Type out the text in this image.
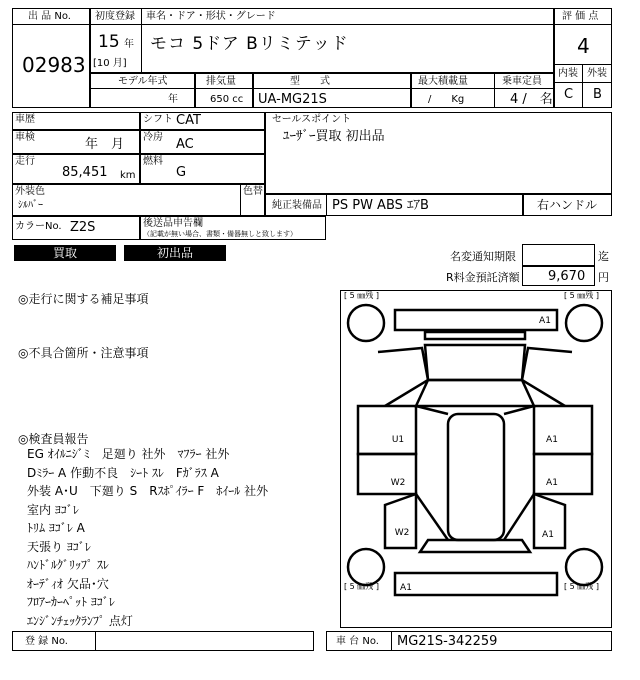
出 品 No.
02983
初度登録 車名・ドア・形状・グレード
15 年
[10 月]
モコ 5ドア Bリミテッド
評 価 点
4
内装 外装
C B
モデル年式	排気量	型　　式	最大積載量	乗車定員
年	650 cc UA-MG21S	/　　Kg	4 /　名
車歴	シフト CAT
車検	年　月 冷房 AC
走行
85,451 km
燃料
G
セールスポイント
ﾕｰｻﾞｰ買取 初出品
外装色
ｼﾙﾊﾞｰ
色替
純正装備品 PS PW ABS ｴｱB	右ハンドル
カラーNo. Z2S	後送品申告欄
（記載が無い場合、書類・備器無しと致します）
買取	初出品	名変通知期限	迄
R料金預託済額 9,670 円
◎走行に関する補足事項
◎不具合箇所・注意事項
◎検査員報告
EG ｵｲﾙﾆｼﾞﾐ　足廻り 社外　ﾏﾌﾗｰ 社外
Dﾐﾗｰ A 作動不良　ｼｰﾄ ｽﾚ　Fｶﾞﾗｽ A
外装 A･U　下廻り S　Rｽﾎﾟｲﾗｰ F　ﾎｲｰﾙ 社外
室内 ﾖｺﾞﾚ
ﾄﾘﾑ ﾖｺﾞﾚ A
天張り ﾖｺﾞﾚ
ﾊﾝﾄﾞﾙｸﾞﾘｯﾌﾟ ｽﾚ
ｵｰﾃﾞｨｵ 欠品･穴
ﾌﾛｱｰｶｰﾍﾟｯﾄ ﾖｺﾞﾚ
ｴﾝｼﾞﾝﾁｪｯｸﾗﾝﾌﾟ 点灯
[ 5 ㎜残 ]	[ 5 ㎜残 ]
[ 5 ㎜残 ]	[ 5 ㎜残 ]
A1
U1	A1
W2	A1
W2	A1
A1
登 録 No.	車 台 No. MG21S-342259
